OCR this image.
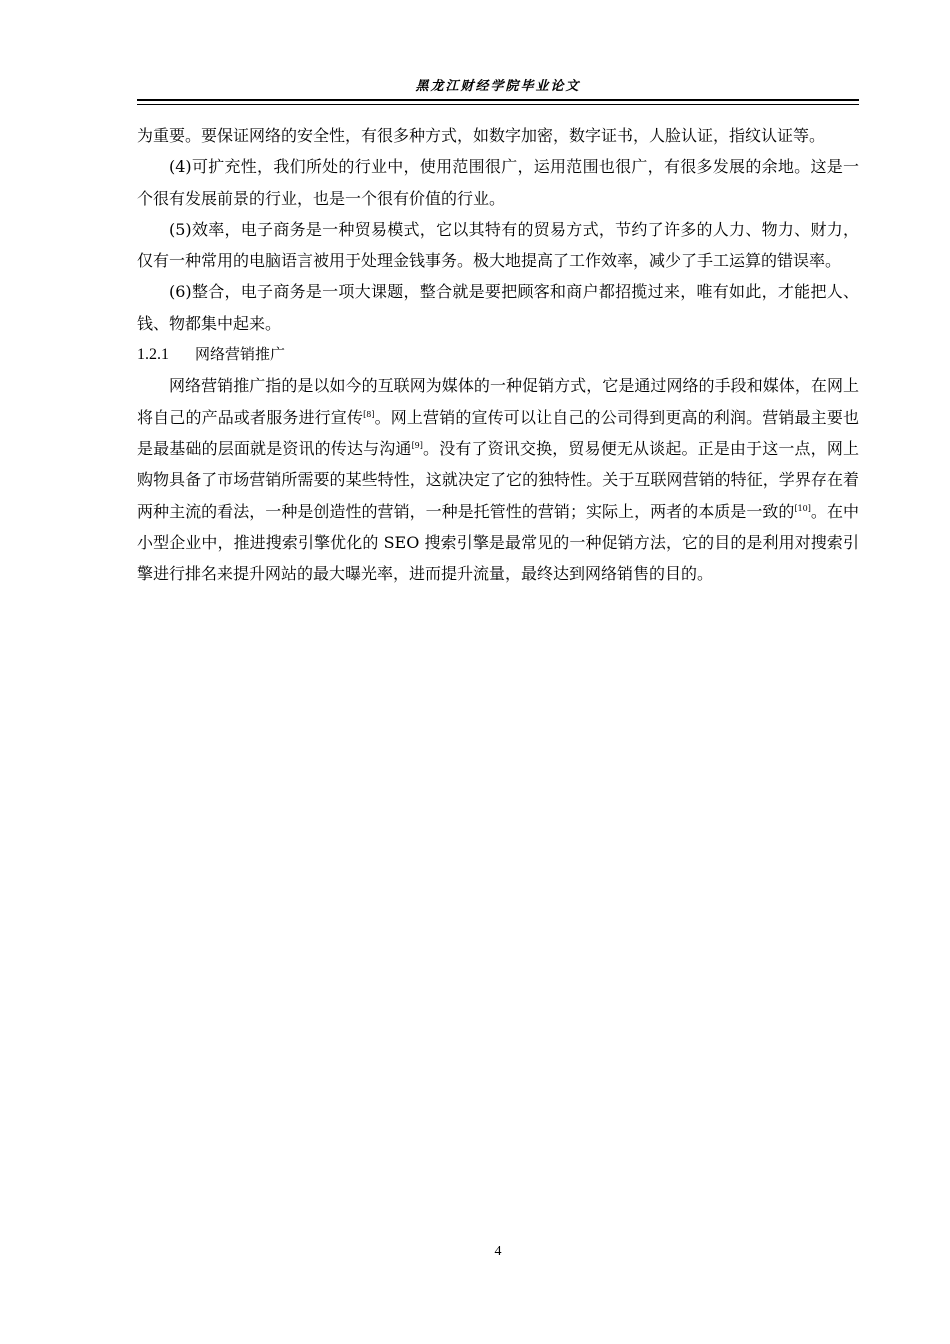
黑龙江财经学院毕业论文

为重要。要保证网络的安全性，有很多种方式，如数字加密，数字证书，人脸认证，指纹认证等。

(4)可扩充性，我们所处的行业中，使用范围很广，运用范围也很广，有很多发展的余地。这是一个很有发展前景的行业，也是一个很有价值的行业。

(5)效率，电子商务是一种贸易模式，它以其特有的贸易方式，节约了许多的人力、物力、财力，仅有一种常用的电脑语言被用于处理金钱事务。极大地提高了工作效率，减少了手工运算的错误率。

(6)整合，电子商务是一项大课题，整合就是要把顾客和商户都招揽过来，唯有如此，才能把人、钱、物都集中起来。

1.2.1 网络营销推广

网络营销推广指的是以如今的互联网为媒体的一种促销方式，它是通过网络的手段和媒体，在网上将自己的产品或者服务进行宣传[8]。网上营销的宣传可以让自己的公司得到更高的利润。营销最主要也是最基础的层面就是资讯的传达与沟通[9]。没有了资讯交换，贸易便无从谈起。正是由于这一点，网上购物具备了市场营销所需要的某些特性，这就决定了它的独特性。关于互联网营销的特征，学界存在着两种主流的看法，一种是创造性的营销，一种是托管性的营销；实际上，两者的本质是一致的[10]。在中小型企业中，推进搜索引擎优化的 SEO 搜索引擎是最常见的一种促销方法，它的目的是利用对搜索引擎进行排名来提升网站的最大曝光率，进而提升流量，最终达到网络销售的目的。

4
